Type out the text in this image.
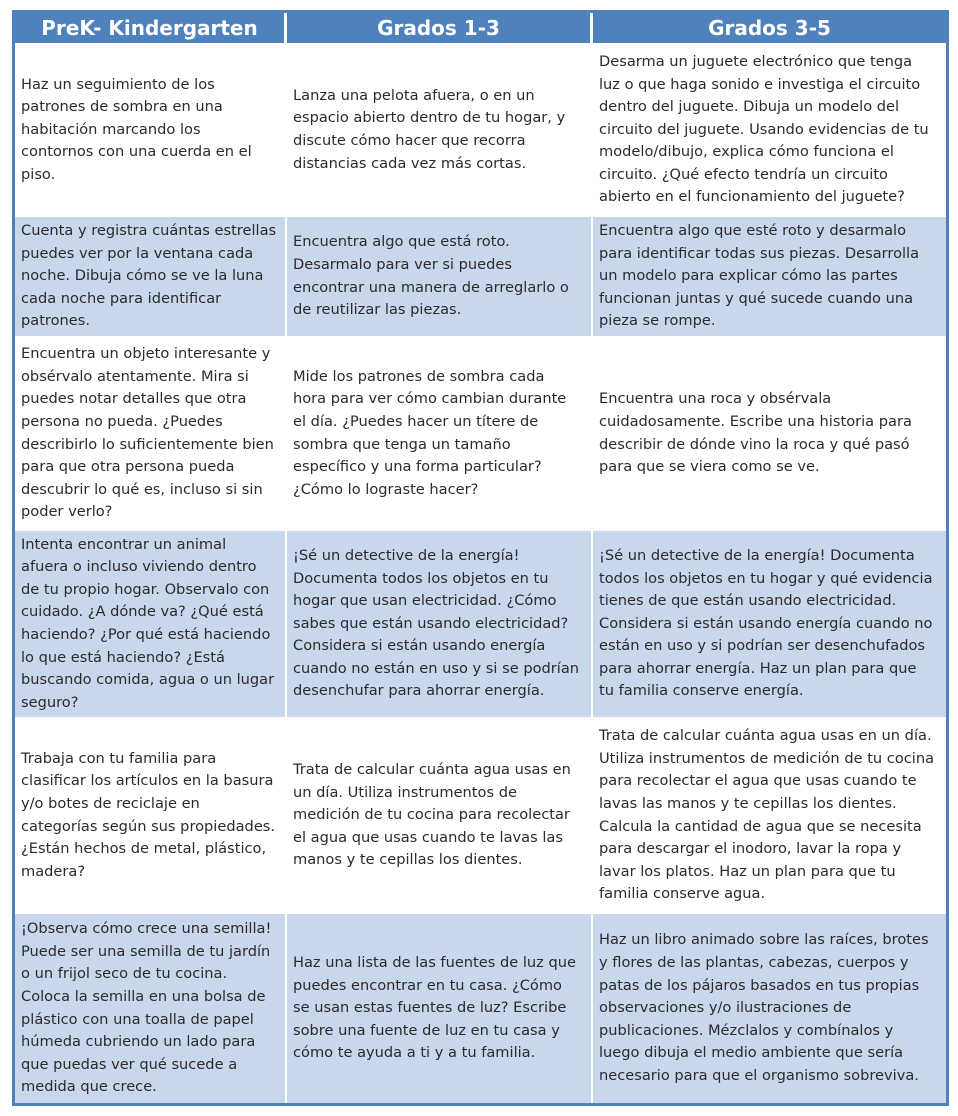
PreK- Kindergarten	Grados 1-3	Grados 3-5
Haz un seguimiento de los
patrones de sombra en una
habitación marcando los
contornos con una cuerda en el
piso.
Lanza una pelota afuera, o en un
espacio abierto dentro de tu hogar, y
discute cómo hacer que recorra
distancias cada vez más cortas.
Desarma un juguete electrónico que tenga
luz o que haga sonido e investiga el circuito
dentro del juguete. Dibuja un modelo del
circuito del juguete. Usando evidencias de tu
modelo/dibujo, explica cómo funciona el
circuito. ¿Qué efecto tendría un circuito
abierto en el funcionamiento del juguete?
Cuenta y registra cuántas estrellas
puedes ver por la ventana cada
noche. Dibuja cómo se ve la luna
cada noche para identificar
patrones.
Encuentra algo que está roto.
Desarmalo para ver si puedes
encontrar una manera de arreglarlo o
de reutilizar las piezas.
Encuentra algo que esté roto y desarmalo
para identificar todas sus piezas. Desarrolla
un modelo para explicar cómo las partes
funcionan juntas y qué sucede cuando una
pieza se rompe.
Encuentra un objeto interesante y
obsérvalo atentamente. Mira si
puedes notar detalles que otra
persona no pueda. ¿Puedes
describirlo lo suficientemente bien
para que otra persona pueda
descubrir lo qué es, incluso si sin
poder verlo?
Mide los patrones de sombra cada
hora para ver cómo cambian durante
el día. ¿Puedes hacer un títere de
sombra que tenga un tamaño
específico y una forma particular?
¿Cómo lo lograste hacer?
Encuentra una roca y obsérvala
cuidadosamente. Escribe una historia para
describir de dónde vino la roca y qué pasó
para que se viera como se ve.
Intenta encontrar un animal
afuera o incluso viviendo dentro
de tu propio hogar. Observalo con
cuidado. ¿A dónde va? ¿Qué está
haciendo? ¿Por qué está haciendo
lo que está haciendo? ¿Está
buscando comida, agua o un lugar
seguro?
¡Sé un detective de la energía!
Documenta todos los objetos en tu
hogar que usan electricidad. ¿Cómo
sabes que están usando electricidad?
Considera si están usando energía
cuando no están en uso y si se podrían
desenchufar para ahorrar energía.
¡Sé un detective de la energía! Documenta
todos los objetos en tu hogar y qué evidencia
tienes de que están usando electricidad.
Considera si están usando energía cuando no
están en uso y si podrían ser desenchufados
para ahorrar energía. Haz un plan para que
tu familia conserve energía.
Trabaja con tu familia para
clasificar los artículos en la basura
y/o botes de reciclaje en
categorías según sus propiedades.
¿Están hechos de metal, plástico,
madera?
Trata de calcular cuánta agua usas en
un día. Utiliza instrumentos de
medición de tu cocina para recolectar
el agua que usas cuando te lavas las
manos y te cepillas los dientes.
Trata de calcular cuánta agua usas en un día.
Utiliza instrumentos de medición de tu cocina
para recolectar el agua que usas cuando te
lavas las manos y te cepillas los dientes.
Calcula la cantidad de agua que se necesita
para descargar el inodoro, lavar la ropa y
lavar los platos. Haz un plan para que tu
familia conserve agua.
¡Observa cómo crece una semilla!
Puede ser una semilla de tu jardín
o un frijol seco de tu cocina.
Coloca la semilla en una bolsa de
plástico con una toalla de papel
húmeda cubriendo un lado para
que puedas ver qué sucede a
medida que crece.
Haz una lista de las fuentes de luz que
puedes encontrar en tu casa. ¿Cómo
se usan estas fuentes de luz? Escribe
sobre una fuente de luz en tu casa y
cómo te ayuda a ti y a tu familia.
Haz un libro animado sobre las raíces, brotes
y flores de las plantas, cabezas, cuerpos y
patas de los pájaros basados en tus propias
observaciones y/o ilustraciones de
publicaciones. Mézclalos y combínalos y
luego dibuja el medio ambiente que sería
necesario para que el organismo sobreviva.
